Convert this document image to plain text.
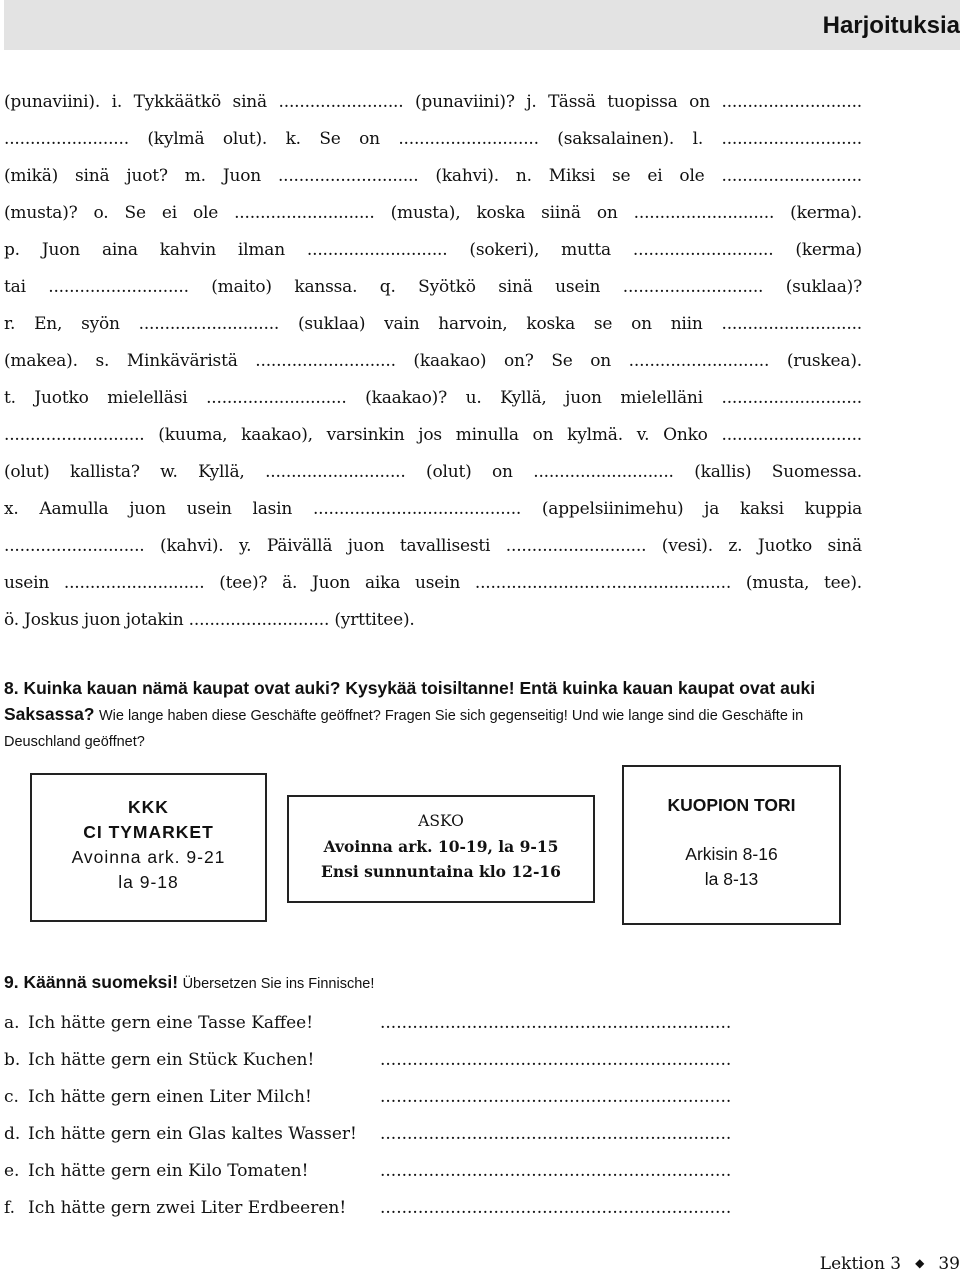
Harjoituksia
(punaviini). i. Tykkäätkö sinä ........................ (punaviini)? j. Tässä tuopissa on ...........................
........................ (kylmä olut). k. Se on ........................... (saksalainen). l. ...........................
(mikä) sinä juot? m. Juon ........................... (kahvi). n. Miksi se ei ole ...........................
(musta)? o. Se ei ole ........................... (musta), koska siinä on ........................... (kerma).
p. Juon aina kahvin ilman ........................... (sokeri), mutta ........................... (kerma)
tai ........................... (maito) kanssa. q. Syötkö sinä usein ........................... (suklaa)?
r. En, syön ........................... (suklaa) vain harvoin, koska se on niin ...........................
(makea). s. Minkäväristä ........................... (kaakao) on? Se on ........................... (ruskea).
t. Juotko mielelläsi ........................... (kaakao)? u. Kyllä, juon mielelläni ...........................
........................... (kuuma, kaakao), varsinkin jos minulla on kylmä. v. Onko ...........................
(olut) kallista? w. Kyllä, ........................... (olut) on ........................... (kallis) Suomessa.
x. Aamulla juon usein lasin ........................................ (appelsiinimehu) ja kaksi kuppia
........................... (kahvi). y. Päivällä juon tavallisesti ........................... (vesi). z. Juotko sinä
usein ........................... (tee)? ä. Juon aika usein .......................…....................... (musta, tee).
ö. Joskus juon jotakin ........................... (yrttitee).
8. Kuinka kauan nämä kaupat ovat auki? Kysykää toisiltanne! Entä kuinka kauan kaupat ovat auki Saksassa? Wie lange haben diese Geschäfte geöffnet? Fragen Sie sich gegenseitig! Und wie lange sind die Geschäfte in Deuschland geöffnet?
KKK
CI TYMARKET
Avoinna ark. 9-21
la 9-18
ASKO
Avoinna ark. 10-19, la 9-15
Ensi sunnuntaina klo 12-16
KUOPION TORI
Arkisin 8-16
la 8-13
9. Käännä suomeksi! Übersetzen Sie ins Finnische!
a. Ich hätte gern eine Tasse Kaffee!	.................................................................
b. Ich hätte gern ein Stück Kuchen!	.................................................................
c. Ich hätte gern einen Liter Milch!	.................................................................
d. Ich hätte gern ein Glas kaltes Wasser! .................................................................
e. Ich hätte gern ein Kilo Tomaten!	.................................................................
f. Ich hätte gern zwei Liter Erdbeeren! .................................................................
Lektion 3 ◆ 39
